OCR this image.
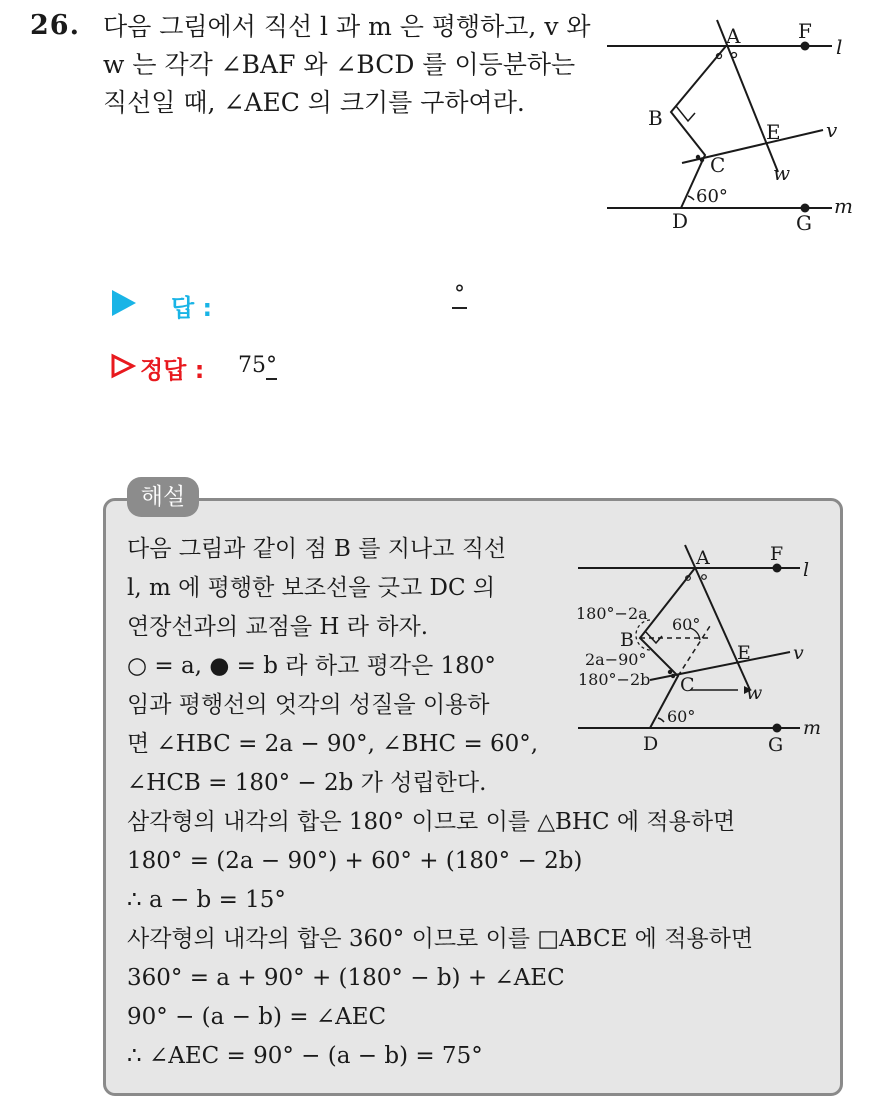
26. 다음 그림에서 직선 l 과 m 은 평행하고, v 와
w 는 각각 ∠BAF 와 ∠BCD 를 이등분하는
직선일 때, ∠AEC 의 크기를 구하여라.
A	F
l
B
E v
C w
60°
D	G
m
답 :	°
정답 : 75°
해설
다음 그림과 같이 점 B 를 지나고 직선
l, m 에 평행한 보조선을 긋고 DC 의
연장선과의 교점을 H 라 하자.
○ = a, ● = b 라 하고 평각은 180°
임과 평행선의 엇각의 성질을 이용하
면 ∠HBC = 2a − 90°, ∠BHC = 60°,
∠HCB = 180° − 2b 가 성립한다.
삼각형의 내각의 합은 180° 이므로 이를 △BHC 에 적용하면
180° = (2a − 90°) + 60° + (180° − 2b)
∴ a − b = 15°
사각형의 내각의 합은 360° 이므로 이를 □ABCE 에 적용하면
360° = a + 90° + (180° − b) + ∠AEC
90° − (a − b) = ∠AEC
∴ ∠AEC = 90° − (a − b) = 75°
A	F
l
B
E v
C	w
D	G
m
180°−2a
60°
2a−90°
180°−2b
60°
